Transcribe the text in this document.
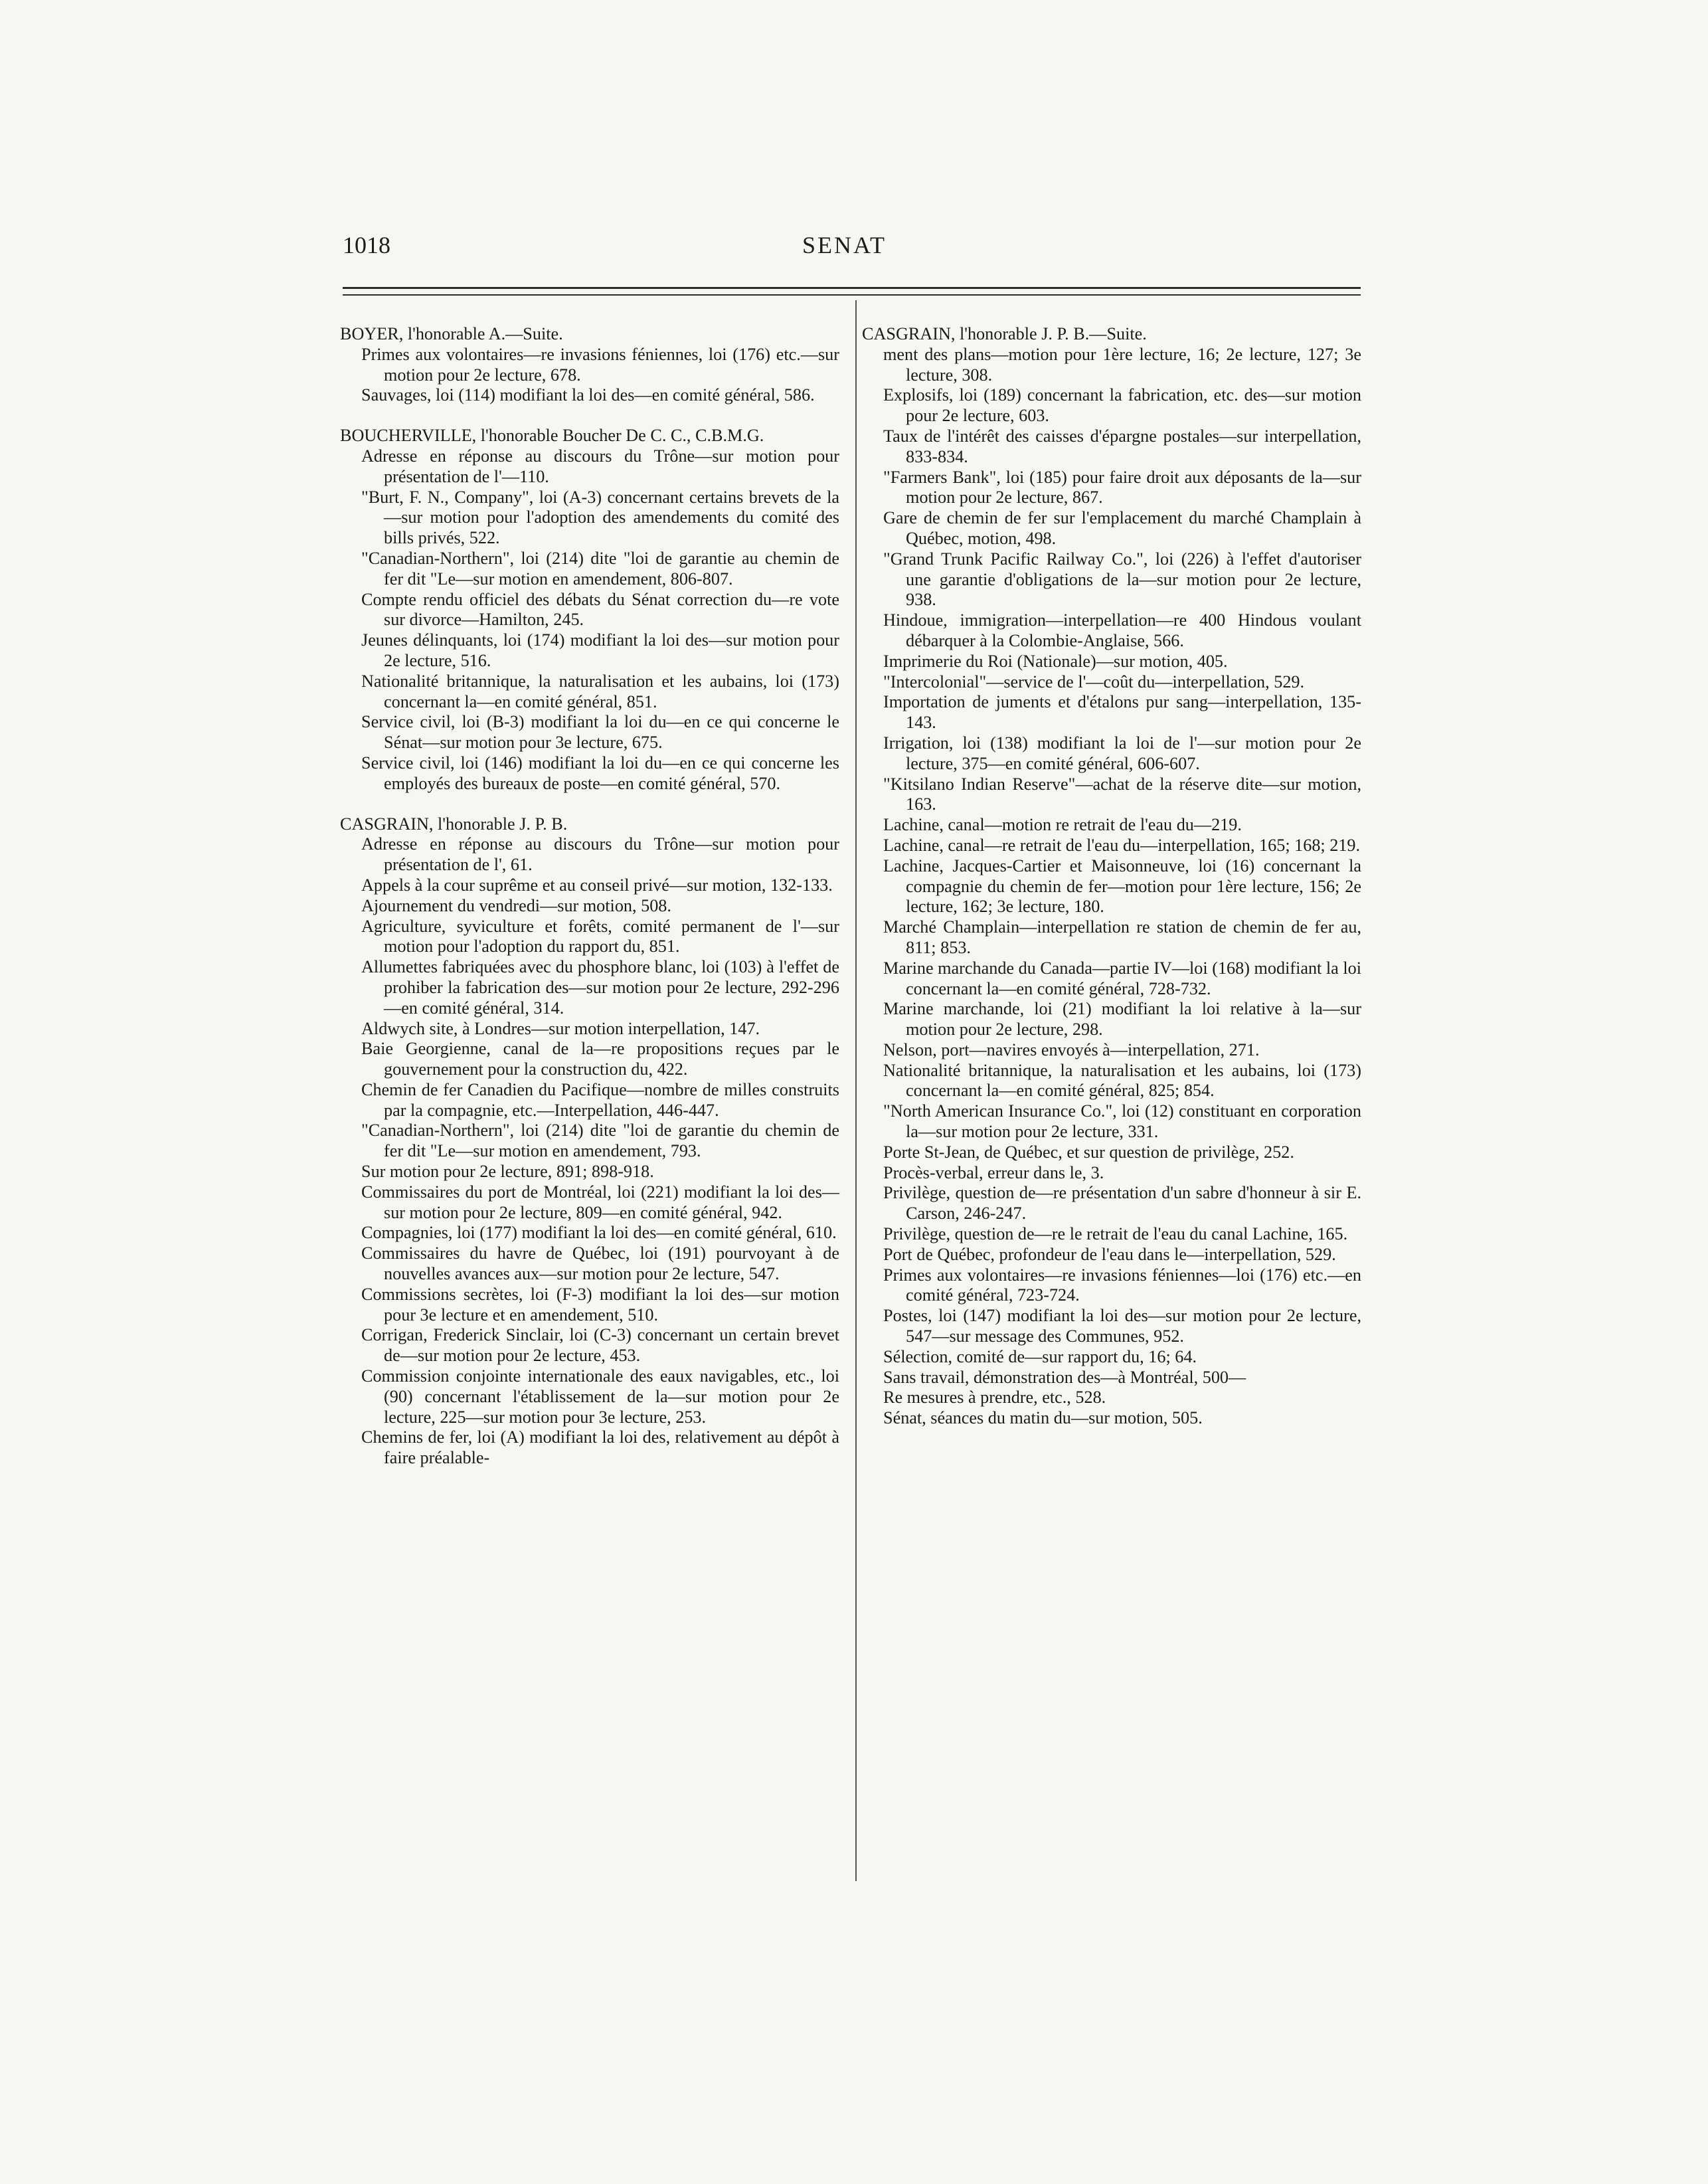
1018	SENAT
BOYER, l'honorable A.—Suite.
Primes aux volontaires—re invasions féniennes, loi (176) etc.—sur motion pour 2e lecture, 678.
Sauvages, loi (114) modifiant la loi des—en comité général, 586.
BOUCHERVILLE, l'honorable Boucher De C. C., C.B.M.G.
Adresse en réponse au discours du Trône—sur motion pour présentation de l'—110.
"Burt, F. N., Company", loi (A-3) concernant certains brevets de la—sur motion pour l'adoption des amendements du comité des bills privés, 522.
"Canadian-Northern", loi (214) dite "loi de garantie au chemin de fer dit "Le—sur motion en amendement, 806-807.
Compte rendu officiel des débats du Sénat correction du—re vote sur divorce—Hamilton, 245.
Jeunes délinquants, loi (174) modifiant la loi des—sur motion pour 2e lecture, 516.
Nationalité britannique, la naturalisation et les aubains, loi (173) concernant la—en comité général, 851.
Service civil, loi (B-3) modifiant la loi du—en ce qui concerne le Sénat—sur motion pour 3e lecture, 675.
Service civil, loi (146) modifiant la loi du—en ce qui concerne les employés des bureaux de poste—en comité général, 570.
CASGRAIN, l'honorable J. P. B.
Adresse en réponse au discours du Trône—sur motion pour présentation de l', 61.
Appels à la cour suprême et au conseil privé—sur motion, 132-133.
Ajournement du vendredi—sur motion, 508.
Agriculture, syviculture et forêts, comité permanent de l'—sur motion pour l'adoption du rapport du, 851.
Allumettes fabriquées avec du phosphore blanc, loi (103) à l'effet de prohiber la fabrication des—sur motion pour 2e lecture, 292-296—en comité général, 314.
Aldwych site, à Londres—sur motion interpellation, 147.
Baie Georgienne, canal de la—re propositions reçues par le gouvernement pour la construction du, 422.
Chemin de fer Canadien du Pacifique—nombre de milles construits par la compagnie, etc.—Interpellation, 446-447.
"Canadian-Northern", loi (214) dite "loi de garantie du chemin de fer dit "Le—sur motion en amendement, 793.
Sur motion pour 2e lecture, 891; 898-918.
Commissaires du port de Montréal, loi (221) modifiant la loi des—sur motion pour 2e lecture, 809—en comité général, 942.
Compagnies, loi (177) modifiant la loi des—en comité général, 610.
Commissaires du havre de Québec, loi (191) pourvoyant à de nouvelles avances aux—sur motion pour 2e lecture, 547.
Commissions secrètes, loi (F-3) modifiant la loi des—sur motion pour 3e lecture et en amendement, 510.
Corrigan, Frederick Sinclair, loi (C-3) concernant un certain brevet de—sur motion pour 2e lecture, 453.
Commission conjointe internationale des eaux navigables, etc., loi (90) concernant l'établissement de la—sur motion pour 2e lecture, 225—sur motion pour 3e lecture, 253.
Chemins de fer, loi (A) modifiant la loi des, relativement au dépôt à faire préalable-
CASGRAIN, l'honorable J. P. B.—Suite.
ment des plans—motion pour 1ère lecture, 16; 2e lecture, 127; 3e lecture, 308.
Explosifs, loi (189) concernant la fabrication, etc. des—sur motion pour 2e lecture, 603.
Taux de l'intérêt des caisses d'épargne postales—sur interpellation, 833-834.
"Farmers Bank", loi (185) pour faire droit aux déposants de la—sur motion pour 2e lecture, 867.
Gare de chemin de fer sur l'emplacement du marché Champlain à Québec, motion, 498.
"Grand Trunk Pacific Railway Co.", loi (226) à l'effet d'autoriser une garantie d'obligations de la—sur motion pour 2e lecture, 938.
Hindoue, immigration—interpellation—re 400 Hindous voulant débarquer à la Colombie-Anglaise, 566.
Imprimerie du Roi (Nationale)—sur motion, 405.
"Intercolonial"—service de l'—coût du—interpellation, 529.
Importation de juments et d'étalons pur sang—interpellation, 135-143.
Irrigation, loi (138) modifiant la loi de l'—sur motion pour 2e lecture, 375—en comité général, 606-607.
"Kitsilano Indian Reserve"—achat de la réserve dite—sur motion, 163.
Lachine, canal—motion re retrait de l'eau du—219.
Lachine, canal—re retrait de l'eau du—interpellation, 165; 168; 219.
Lachine, Jacques-Cartier et Maisonneuve, loi (16) concernant la compagnie du chemin de fer—motion pour 1ère lecture, 156; 2e lecture, 162; 3e lecture, 180.
Marché Champlain—interpellation re station de chemin de fer au, 811; 853.
Marine marchande du Canada—partie IV—loi (168) modifiant la loi concernant la—en comité général, 728-732.
Marine marchande, loi (21) modifiant la loi relative à la—sur motion pour 2e lecture, 298.
Nelson, port—navires envoyés à—interpellation, 271.
Nationalité britannique, la naturalisation et les aubains, loi (173) concernant la—en comité général, 825; 854.
"North American Insurance Co.", loi (12) constituant en corporation la—sur motion pour 2e lecture, 331.
Porte St-Jean, de Québec, et sur question de privilège, 252.
Procès-verbal, erreur dans le, 3.
Privilège, question de—re présentation d'un sabre d'honneur à sir E. Carson, 246-247.
Privilège, question de—re le retrait de l'eau du canal Lachine, 165.
Port de Québec, profondeur de l'eau dans le—interpellation, 529.
Primes aux volontaires—re invasions féniennes—loi (176) etc.—en comité général, 723-724.
Postes, loi (147) modifiant la loi des—sur motion pour 2e lecture, 547—sur message des Communes, 952.
Sélection, comité de—sur rapport du, 16; 64.
Sans travail, démonstration des—à Montréal, 500—
Re mesures à prendre, etc., 528.
Sénat, séances du matin du—sur motion, 505.
